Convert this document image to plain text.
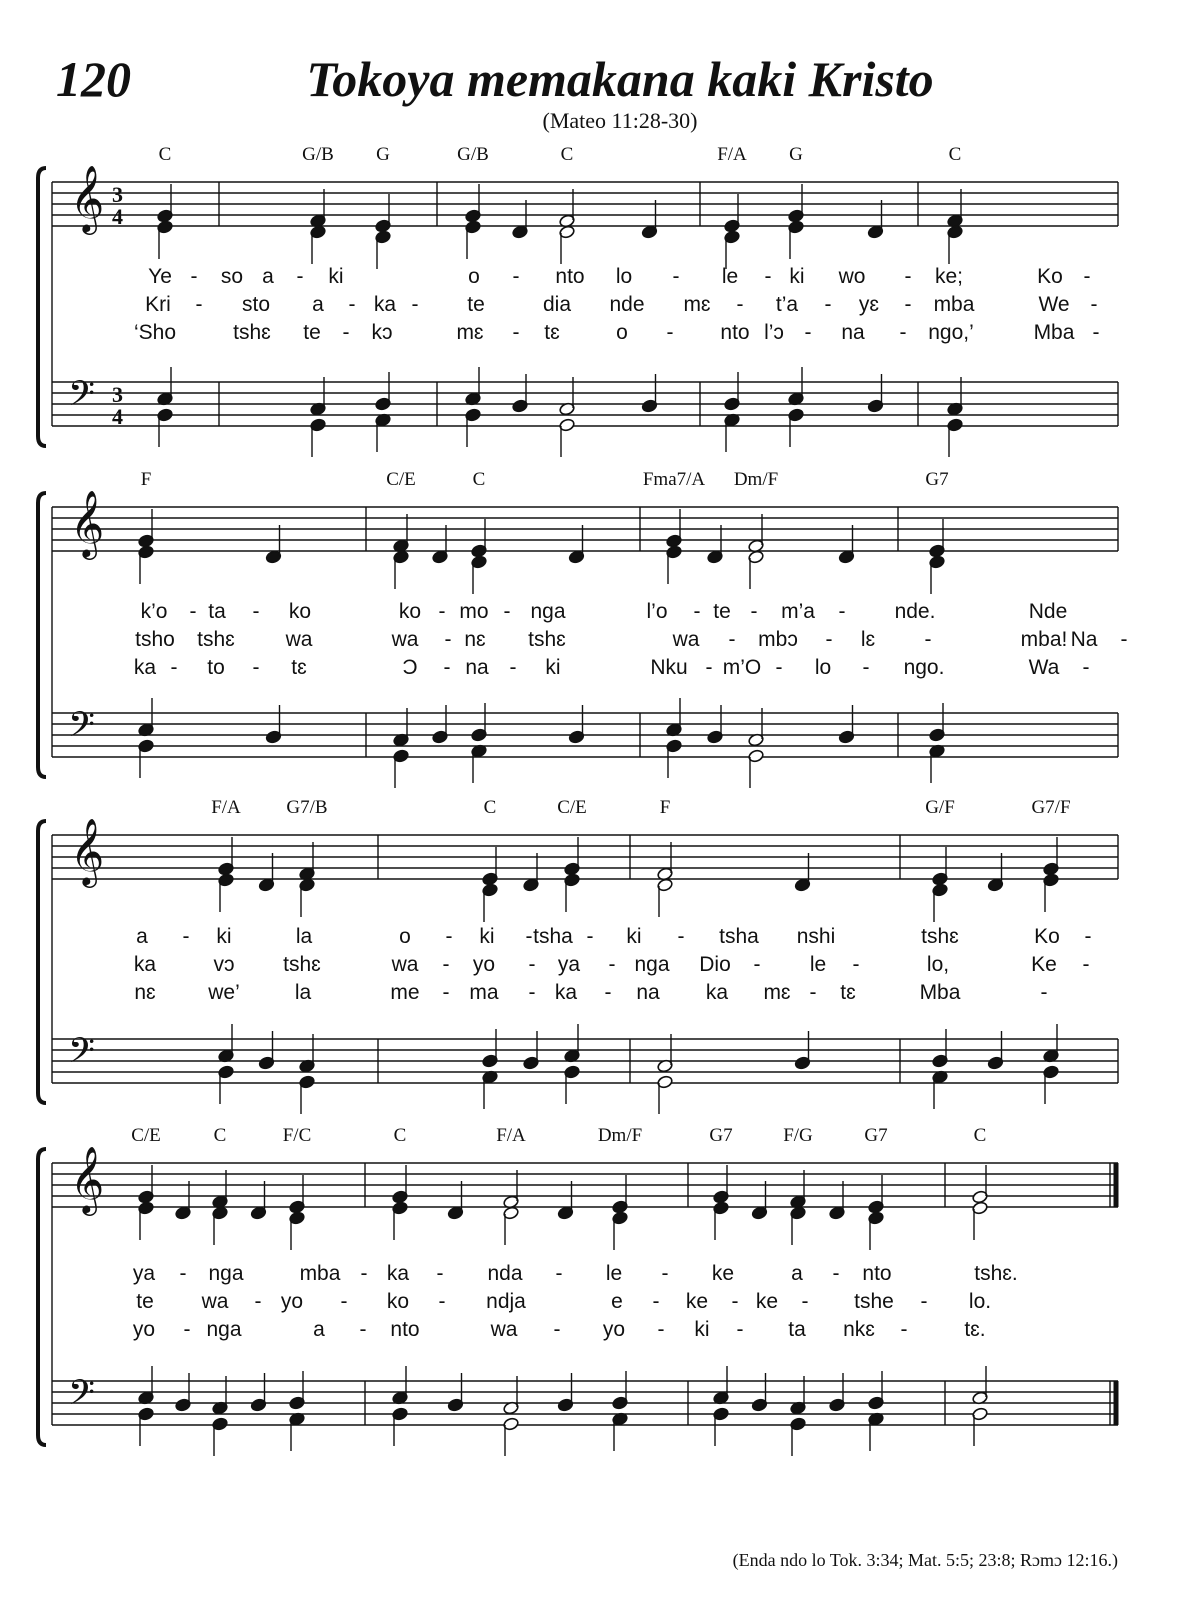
120	Tokoya memakana kaki Kristo
(Mateo 11:28-30)
𝄞
𝄢
3
4
3
4
C	G/B G	G/B	C	F/A G	C
Ye - so a - ki	o - nto lo - le - ki wo - ke;	Ko -
Kri - sto a - ka - te	dia nde mɛ - t’a - yɛ - mba	We -
‘Sho	tshɛ te - kɔ	mɛ - tɛ	o - nto l’ɔ - na - ngo,’	Mba -
𝄞
𝄢
F	C/E	C	Fma7/A Dm/F	G7
k’o - ta - ko	ko - mo - nga	l’o - te - m’a - nde.	Nde
tsho tshɛ wa	wa - nɛ tshɛ	wa - mbɔ - lɛ -	mba! Na -
ka - to - tɛ	Ɔ - na - ki	Nku - m’O - lo - ngo.	Wa -
𝄞
𝄢
F/A G7/B	C	C/E	F	G/F	G7/F
a - ki	la	o - ki - tsha - ki - tsha nshi	tshɛ	Ko -
ka	vɔ tshɛ	wa - yo - ya - nga Dio - le -	lo,	Ke -
nɛ	we’	la	me - ma - ka - na ka mɛ - tɛ	Mba	-
𝄞
𝄢
C/E	C	F/C	C	F/A	Dm/F	G7	F/G	G7	C
ya - nga	mba - ka - nda - le - ke	a - nto	tshɛ.
te wa - yo - ko - ndja	e - ke - ke - tshe - lo.
yo - nga	a - nto	wa - yo - ki - ta nkɛ -	tɛ.
(Enda ndo lo Tok. 3:34; Mat. 5:5; 23:8; Rɔmɔ 12:16.)
